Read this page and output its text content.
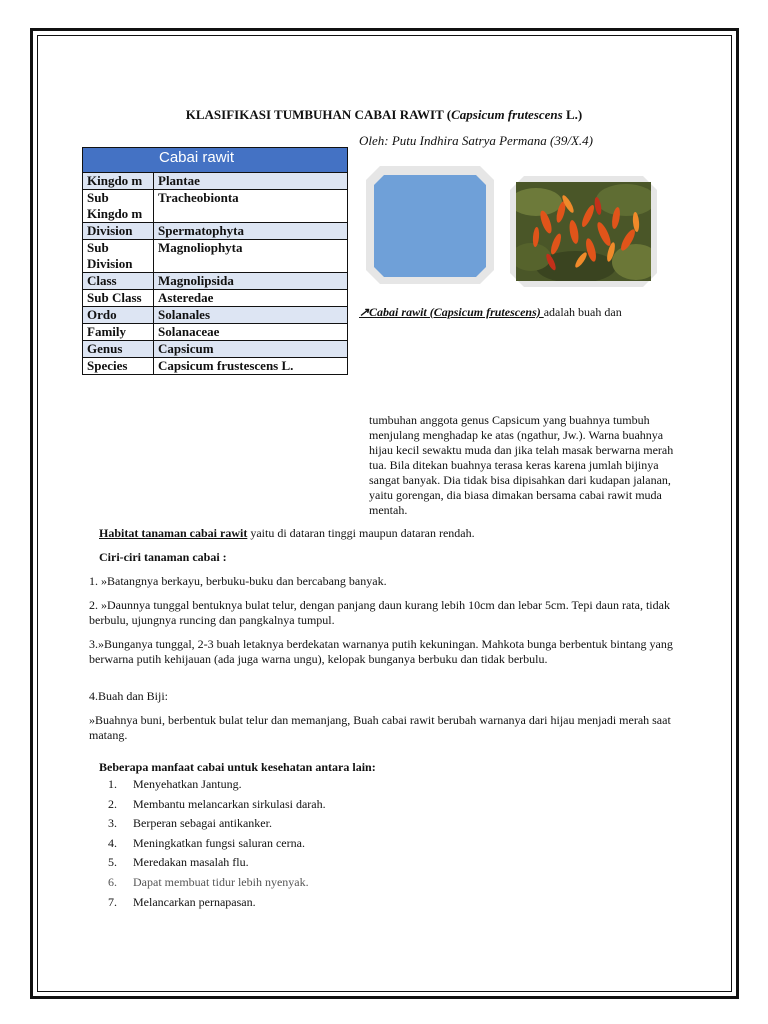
KLASIFIKASI TUMBUHAN CABAI RAWIT (Capsicum frutescens L.)

Oleh: Putu Indhira Satrya Permana (39/X.4)

Cabai rawit	
Kingdo m	Plantae
Sub Kingdo m	Tracheobionta
Division	Spermatophyta
Sub Division	Magnoliophyta
Class	Magnolipsida
Sub Class	Asteredae
Ordo	Solanales
Family	Solanaceae
Genus	Capsicum
Species	Capsicum frustescens L.

↗Cabai rawit (Capsicum frutescens) adalah buah dan

tumbuhan anggota genus Capsicum yang buahnya tumbuh menjulang menghadap ke atas (ngathur, Jw.). Warna buahnya hijau kecil sewaktu muda dan jika telah masak berwarna merah tua. Bila ditekan buahnya terasa keras karena jumlah bijinya sangat banyak. Dia tidak bisa dipisahkan dari kudapan jalanan, yaitu gorengan, dia biasa dimakan bersama cabai rawit muda mentah.

Habitat tanaman cabai rawit yaitu di dataran tinggi maupun dataran rendah.

Ciri-ciri tanaman cabai :

1. »Batangnya berkayu, berbuku-buku dan bercabang banyak.

2. »Daunnya tunggal bentuknya bulat telur, dengan panjang daun kurang lebih 10cm dan lebar 5cm. Tepi daun rata, tidak berbulu, ujungnya runcing dan pangkalnya tumpul.

3.»Bunganya tunggal, 2-3 buah letaknya berdekatan warnanya putih kekuningan. Mahkota bunga berbentuk bintang yang berwarna putih kehijauan (ada juga warna ungu), kelopak bunganya berbuku dan tidak berbulu.

4.Buah dan Biji:

»Buahnya buni, berbentuk bulat telur dan memanjang, Buah cabai rawit berubah warnanya dari hijau menjadi merah saat matang.

Beberapa manfaat cabai untuk kesehatan antara lain:

1.	Menyehatkan Jantung.
2.	Membantu melancarkan sirkulasi darah.
3.	Berperan sebagai antikanker.
4.	Meningkatkan fungsi saluran cerna.
5.	Meredakan masalah flu.
6.	Dapat membuat tidur lebih nyenyak.
7.	Melancarkan pernapasan.
